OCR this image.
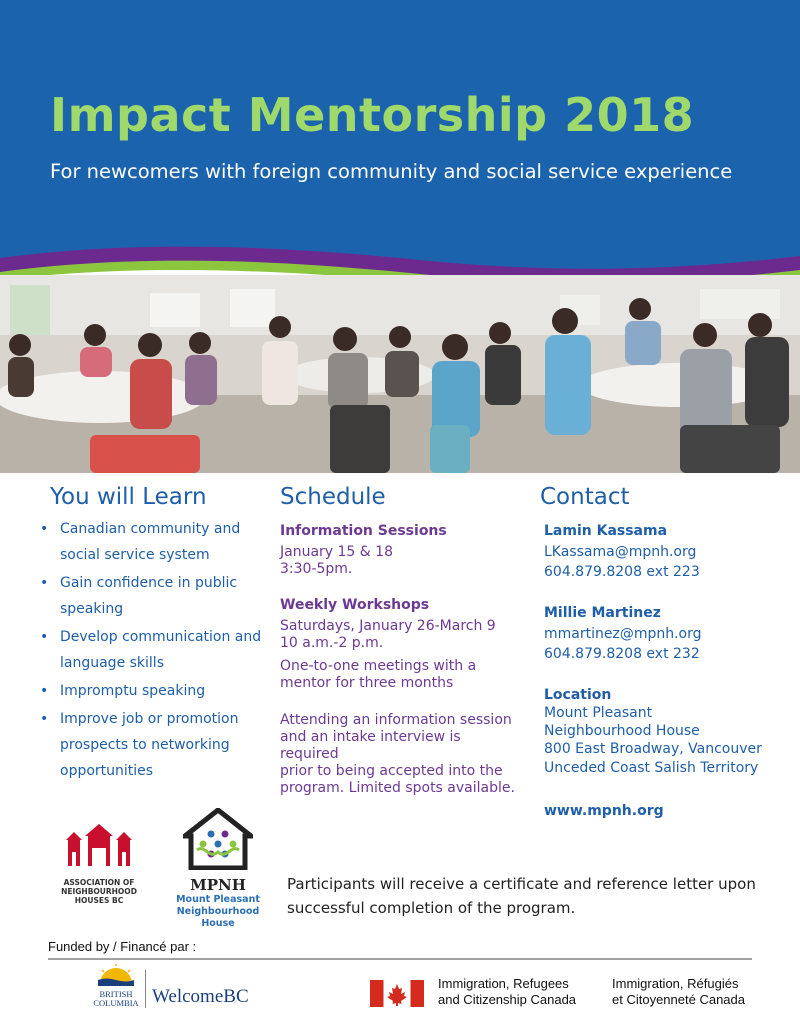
Impact Mentorship 2018
For newcomers with foreign community and social service experience
You will Learn
• Canadian community and
social service system
• Gain confidence in public
speaking
• Develop communication and
language skills
• Impromptu speaking
• Improve job or promotion
prospects to networking
opportunities
Schedule
Information Sessions
January 15 & 18
3:30-5pm.
Weekly Workshops
Saturdays, January 26-March 9
10 a.m.-2 p.m.
One-to-one meetings with a
mentor for three months
Attending an information session
and an intake interview is required
prior to being accepted into the
program. Limited spots available.
Contact
Lamin Kassama
LKassama@mpnh.org
604.879.8208 ext 223
Millie Martinez
mmartinez@mpnh.org
604.879.8208 ext 232
Location
Mount Pleasant
Neighbourhood House
800 East Broadway, Vancouver
Unceded Coast Salish Territory
www.mpnh.org
ASSOCIATION OF
NEIGHBOURHOOD
HOUSES BC
MPNH
Mount Pleasant
Neighbourhood House
Participants will receive a certificate and reference letter upon successful completion of the program.
Funded by / Financé par :
BRITISH
COLUMBIA WelcomeBC
Immigration, Refugees
and Citizenship Canada
Immigration, Réfugiés
et Citoyenneté Canada
